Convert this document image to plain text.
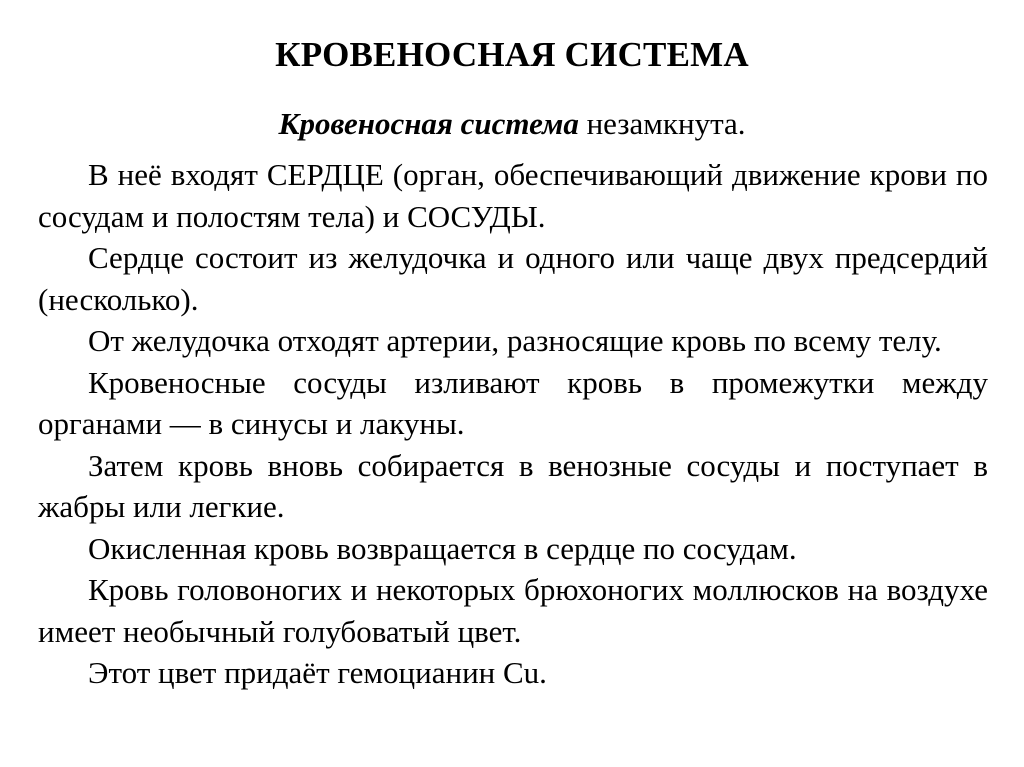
КРОВЕНОСНАЯ СИСТЕМА

Кровеносная система незамкнута.

В неё входят СЕРДЦЕ (орган, обеспечивающий движение крови по сосудам и полостям тела) и СОСУДЫ.

Сердце состоит из желудочка и одного или чаще двух предсердий (несколько).

От желудочка отходят артерии, разносящие кровь по всему телу.

Кровеносные сосуды изливают кровь в промежутки между органами — в синусы и лакуны.

Затем кровь вновь собирается в венозные сосуды и поступает в жабры или легкие.

Окисленная кровь возвращается в сердце по сосудам.

Кровь головоногих и некоторых брюхоногих моллюсков на воздухе имеет необычный голубоватый цвет.

Этот цвет придаёт гемоцианин Cu.
